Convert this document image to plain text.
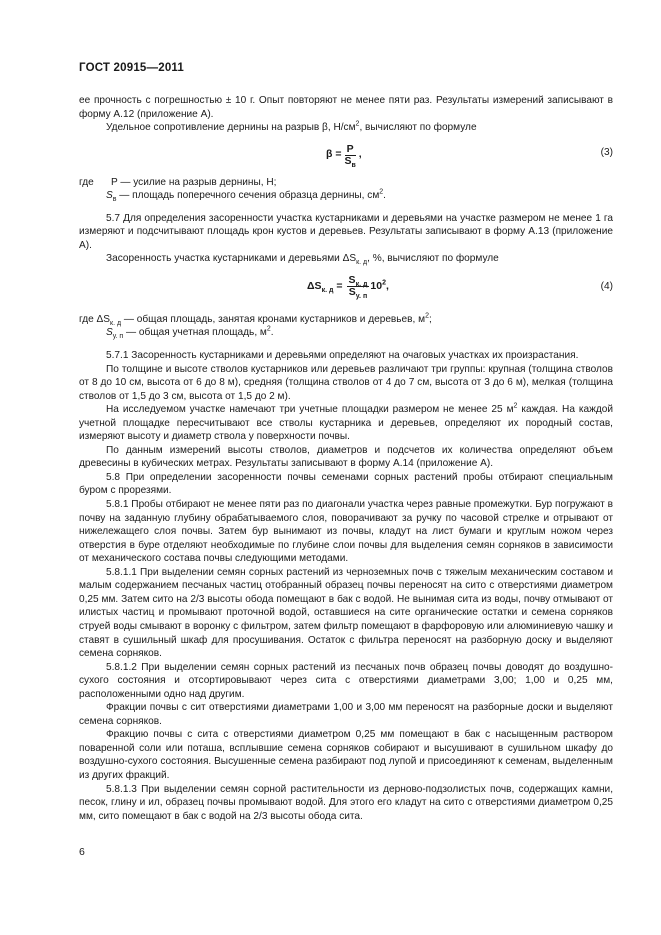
ГОСТ 20915—2011

ее прочность с погрешностью ± 10 г. Опыт повторяют не менее пяти раз. Результаты измерений записывают в форму А.12 (приложение А).

Удельное сопротивление дернины на разрыв β, $Н/см^2$, вычисляют по формуле

$\beta = \frac{P}{S_в}$ ,	(3)
где	P — усилие на разрыв дернины, Н;

$S_в$ — площадь поперечного сечения образца дернины, $см^2$.

5.7 Для определения засоренности участка кустарниками и деревьями на участке размером не менее 1 га измеряют и подсчитывают площадь крон кустов и деревьев. Результаты записывают в форму А.13 (приложение А).

Засоренность участка кустарниками и деревьями $\Delta S_{к. д}$, %, вычисляют по формуле

$\Delta S_{к. д} = \frac{S_{к. д}}{S_{у. п}} 10^2$ ,	(4)

где $\Delta S_{к. д}$ — общая площадь, занятая кронами кустарников и деревьев, $м^2$;

$S_{у. п}$ — общая учетная площадь, $м^2$.

5.7.1 Засоренность кустарниками и деревьями определяют на очаговых участках их произрастания.

По толщине и высоте стволов кустарников или деревьев различают три группы: крупная (толщина стволов от 8 до 10 см, высота от 6 до 8 м), средняя (толщина стволов от 4 до 7 см, высота от 3 до 6 м), мелкая (толщина стволов от 1,5 до 3 см, высота от 1,5 до 2 м).

На исследуемом участке намечают три учетные площадки размером не менее 25 $м^2$ каждая. На каждой учетной площадке пересчитывают все стволы кустарника и деревьев, определяют их породный состав, измеряют высоту и диаметр ствола у поверхности почвы.

По данным измерений высоты стволов, диаметров и подсчетов их количества определяют объем древесины в кубических метрах. Результаты записывают в форму А.14 (приложение А).

5.8 При определении засоренности почвы семенами сорных растений пробы отбирают специальным буром с прорезями.

5.8.1 Пробы отбирают не менее пяти раз по диагонали участка через равные промежутки. Бур погружают в почву на заданную глубину обрабатываемого слоя, поворачивают за ручку по часовой стрелке и отрывают от нижележащего слоя почвы. Затем бур вынимают из почвы, кладут на лист бумаги и круглым ножом через отверстия в буре отделяют необходимые по глубине слои почвы для выделения семян сорняков в зависимости от механического состава почвы следующими методами.

5.8.1.1 При выделении семян сорных растений из черноземных почв с тяжелым механическим составом и малым содержанием песчаных частиц отобранный образец почвы переносят на сито с отверстиями диаметром 0,25 мм. Затем сито на 2/3 высоты обода помещают в бак с водой. Не вынимая сита из воды, почву отмывают от илистых частиц и промывают проточной водой, оставшиеся на сите органические остатки и семена сорняков струей воды смывают в воронку с фильтром, затем фильтр помещают в фарфоровую или алюминиевую чашку и ставят в сушильный шкаф для просушивания. Остаток с фильтра переносят на разборную доску и выделяют семена сорняков.

5.8.1.2 При выделении семян сорных растений из песчаных почв образец почвы доводят до воздушно-сухого состояния и отсортировывают через сита с отверстиями диаметрами 3,00; 1,00 и 0,25 мм, расположенными одно над другим.

Фракции почвы с сит отверстиями диаметрами 1,00 и 3,00 мм переносят на разборные доски и выделяют семена сорняков.

Фракцию почвы с сита с отверстиями диаметром 0,25 мм помещают в бак с насыщенным раствором поваренной соли или поташа, всплывшие семена сорняков собирают и высушивают в сушильном шкафу до воздушно-сухого состояния. Высушенные семена разбирают под лупой и присоединяют к семенам, выделенным из других фракций.

5.8.1.3 При выделении семян сорной растительности из дерново-подзолистых почв, содержащих камни, песок, глину и ил, образец почвы промывают водой. Для этого его кладут на сито с отверстиями диаметром 0,25 мм, сито помещают в бак с водой на 2/3 высоты обода сита.

6
